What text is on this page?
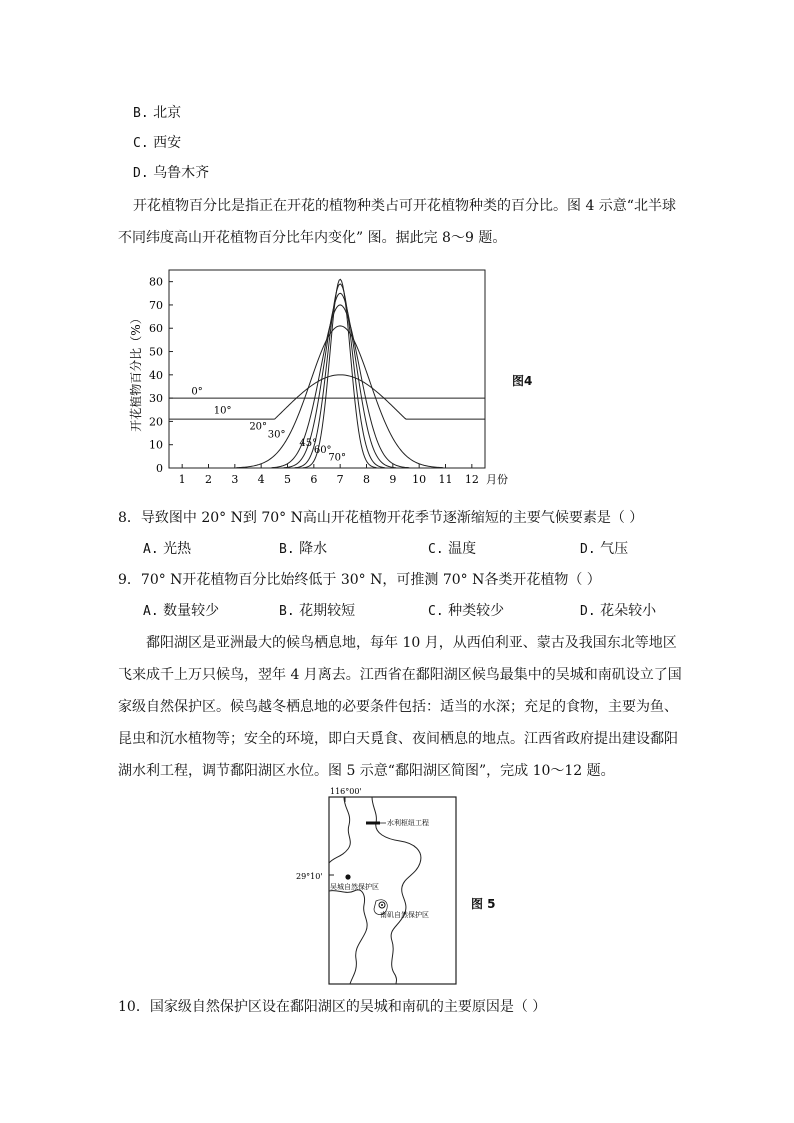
B. 北京
C. 西安
D. 乌鲁木齐
开花植物百分比是指正在开花的植物种类占可开花植物种类的百分比。图 4 示意“北半球
不同纬度高山开花植物百分比年内变化” 图。据此完 8～9 题。
0
10
20
30
40
50
60
70
80
1 2 3 4 5 6 7 8 9 10 11 12
0°
10°
20°
30°
45°
60°
70°
开花植物百分比（%）
月份
图4
8．导致图中 20° N到 70° N高山开花植物开花季节逐渐缩短的主要气候要素是（ ）
A. 光热	B. 降水	C. 温度	D. 气压
9．70° N开花植物百分比始终低于 30° N，可推测 70° N各类开花植物（ ）
A. 数量较少	B. 花期较短	C. 种类较少	D. 花朵较小
鄱阳湖区是亚洲最大的候鸟栖息地，每年 10 月，从西伯利亚、蒙古及我国东北等地区
飞来成千上万只候鸟，翌年 4 月离去。江西省在鄱阳湖区候鸟最集中的吴城和南矶设立了国
家级自然保护区。候鸟越冬栖息地的必要条件包括：适当的水深；充足的食物，主要为鱼、
昆虫和沉水植物等；安全的环境，即白天覓食、夜间栖息的地点。江西省政府提出建设鄱阳
湖水利工程，调节鄱阳湖区水位。图 5 示意“鄱阳湖区简图”，完成 10～12 题。
116°00'
29°10'
水利枢纽工程
吴城自然保护区
南矶自然保护区
图 5
10．国家级自然保护区设在鄱阳湖区的吴城和南矶的主要原因是（ ）
